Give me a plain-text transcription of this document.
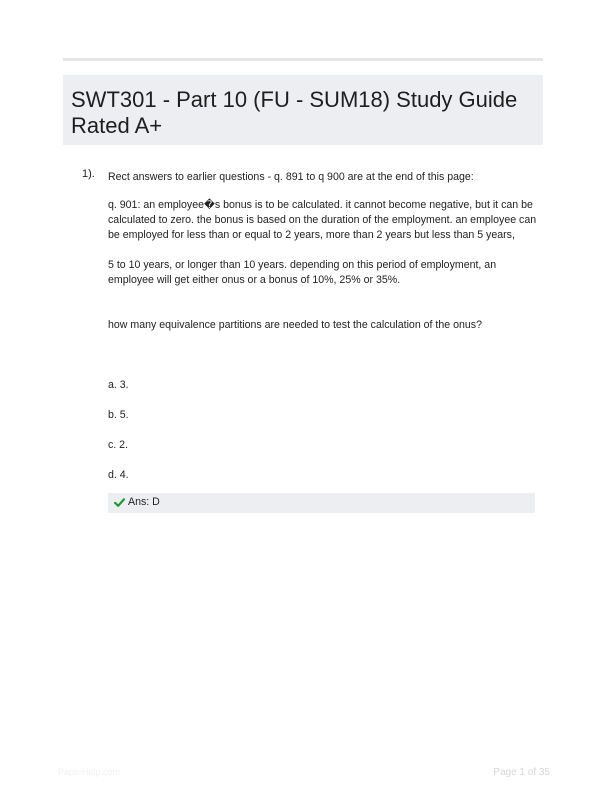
SWT301 - Part 10 (FU - SUM18) Study Guide Rated A+
1). Rect answers to earlier questions - q. 891 to q 900 are at the end of this page:
q. 901: an employee�s bonus is to be calculated. it cannot become negative, but it can be calculated to zero. the bonus is based on the duration of the employment. an employee can be employed for less than or equal to 2 years, more than 2 years but less than 5 years,
5 to 10 years, or longer than 10 years. depending on this period of employment, an employee will get either onus or a bonus of 10%, 25% or 35%.
how many equivalence partitions are needed to test the calculation of the onus?
a. 3.
b. 5.
c. 2.
d. 4.
Ans: D
PaperHelp.com	Page 1 of 35
